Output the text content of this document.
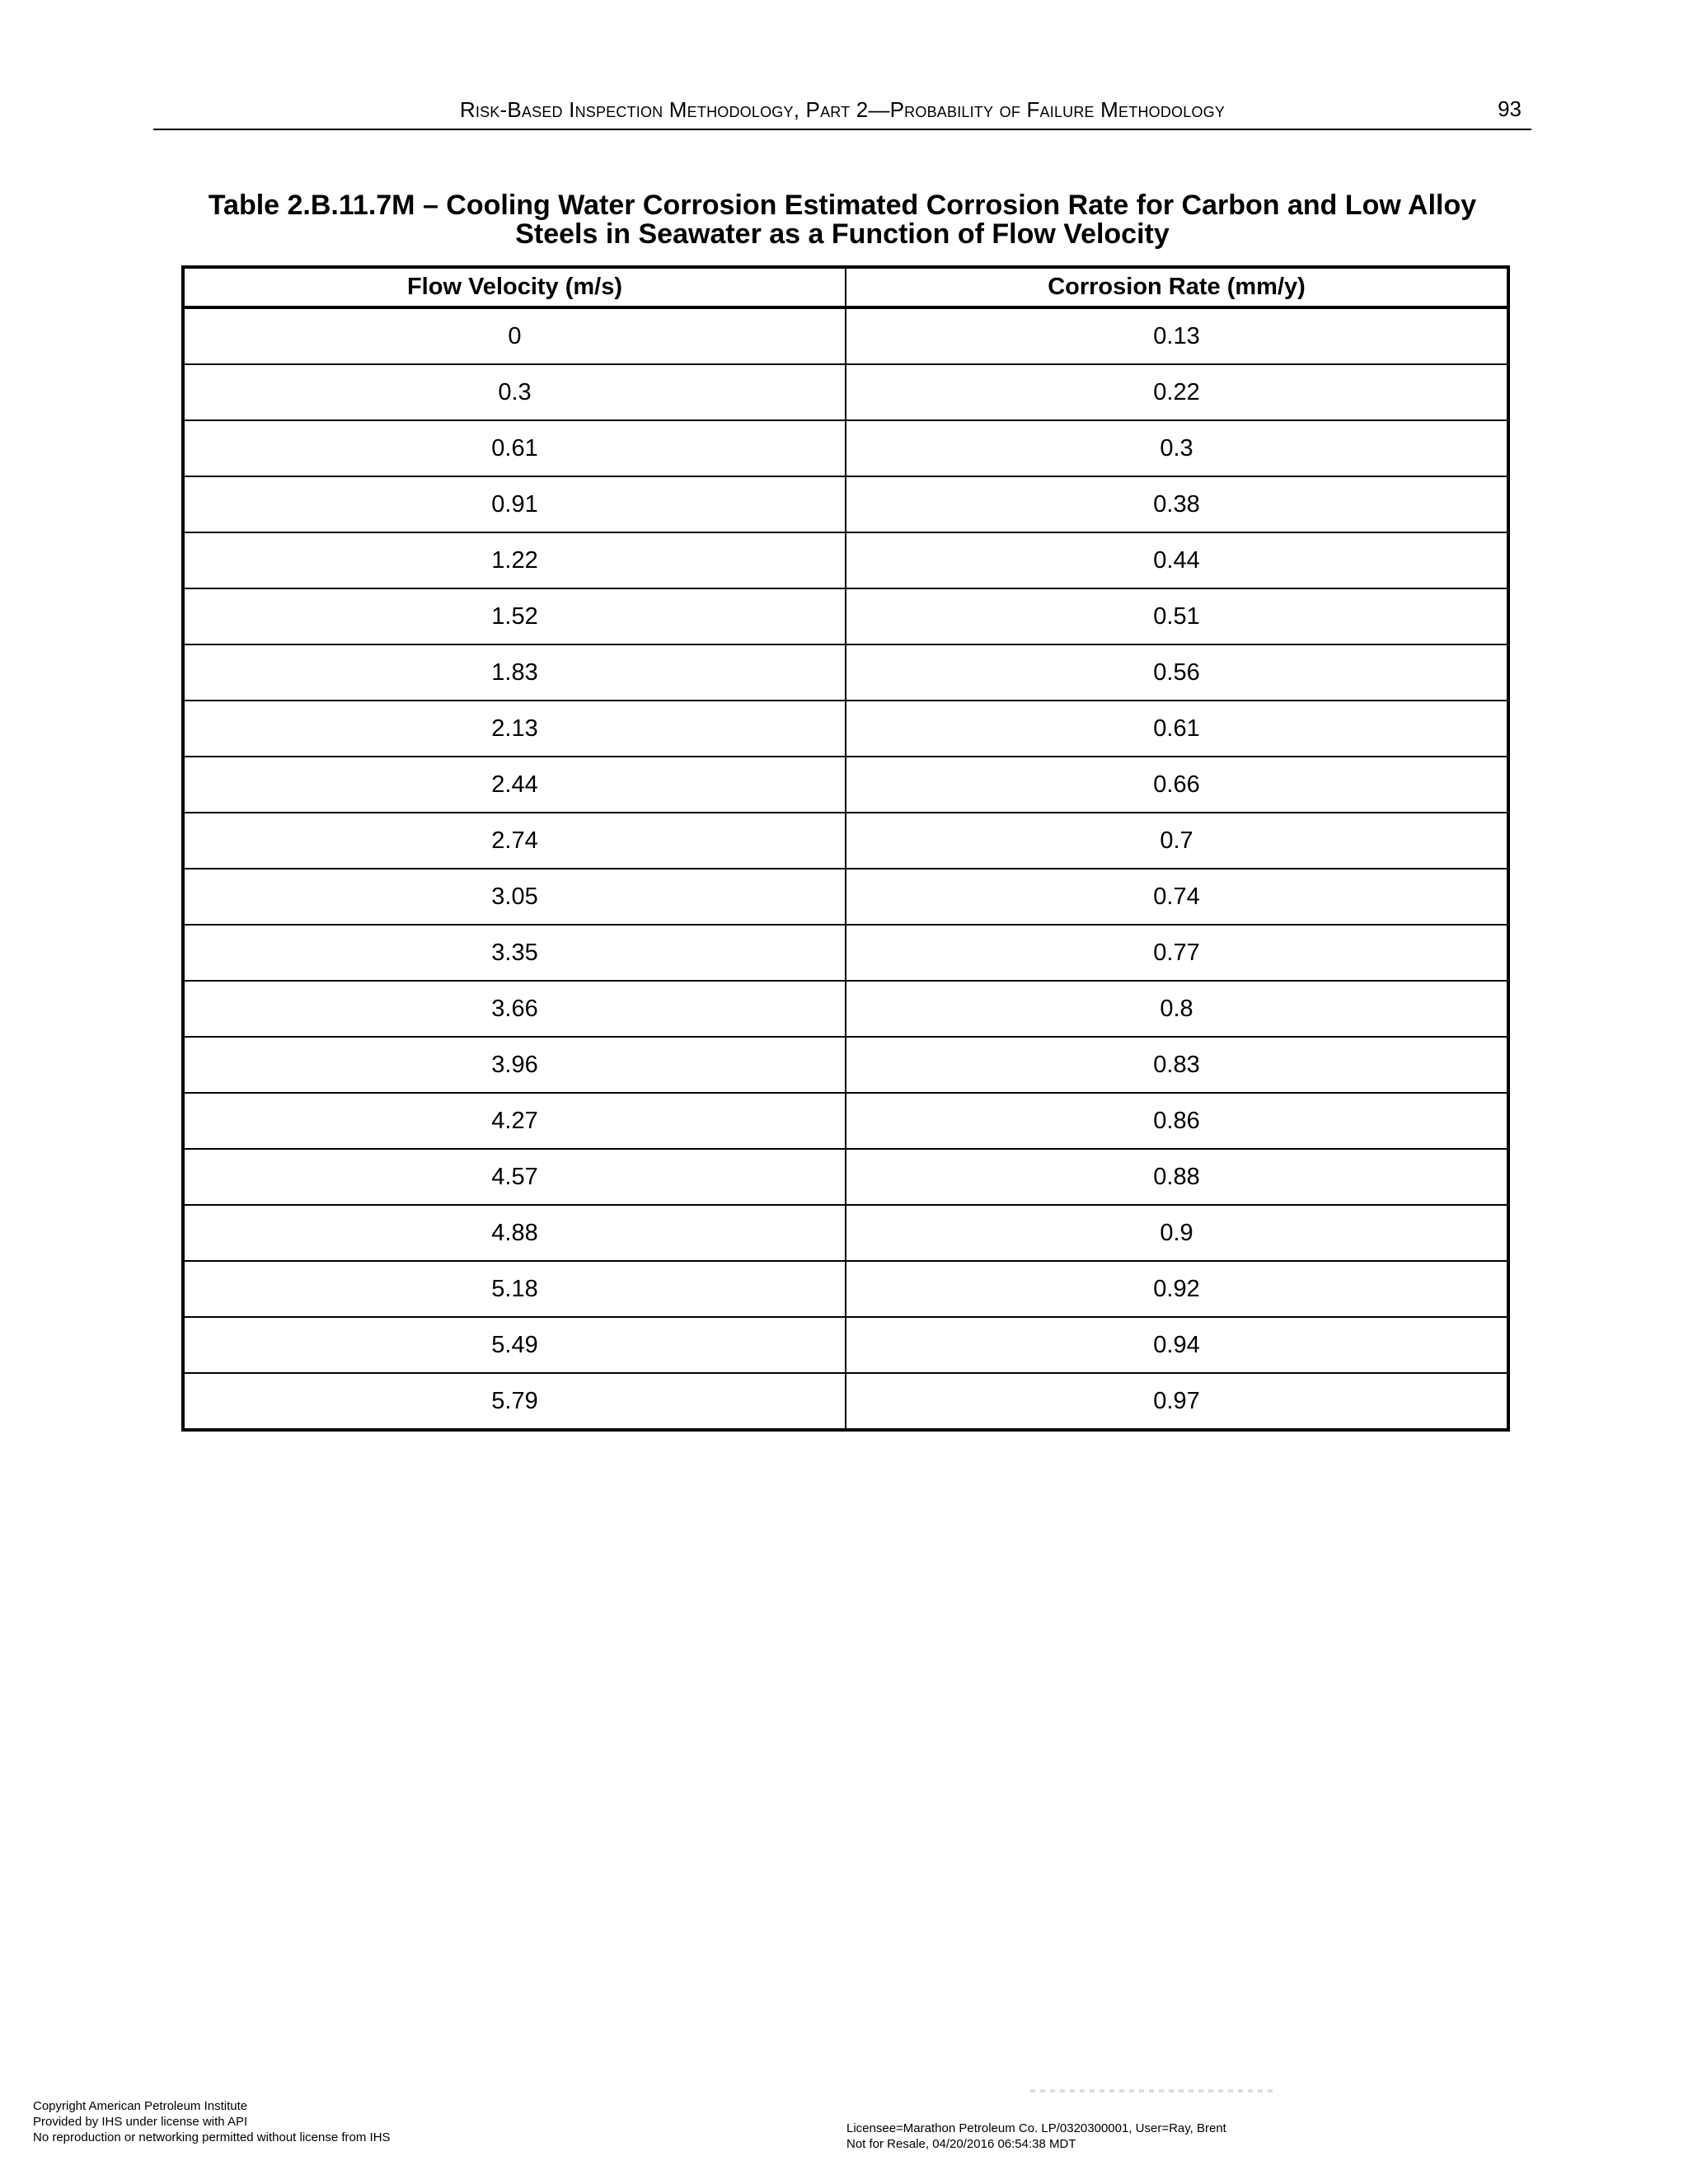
Risk-Based Inspection Methodology, Part 2—Probability of Failure Methodology	93
Table 2.B.11.7M – Cooling Water Corrosion Estimated Corrosion Rate for Carbon and Low Alloy
Steels in Seawater as a Function of Flow Velocity
Flow Velocity (m/s)	Corrosion Rate (mm/y)
0	0.13
0.3	0.22
0.61	0.3
0.91	0.38
1.22	0.44
1.52	0.51
1.83	0.56
2.13	0.61
2.44	0.66
2.74	0.7
3.05	0.74
3.35	0.77
3.66	0.8
3.96	0.83
4.27	0.86
4.57	0.88
4.88	0.9
5.18	0.92
5.49	0.94
5.79	0.97
Copyright American Petroleum Institute
Provided by IHS under license with API
No reproduction or networking permitted without license from IHS
Licensee=Marathon Petroleum Co. LP/0320300001, User=Ray, Brent
Not for Resale, 04/20/2016 06:54:38 MDT
